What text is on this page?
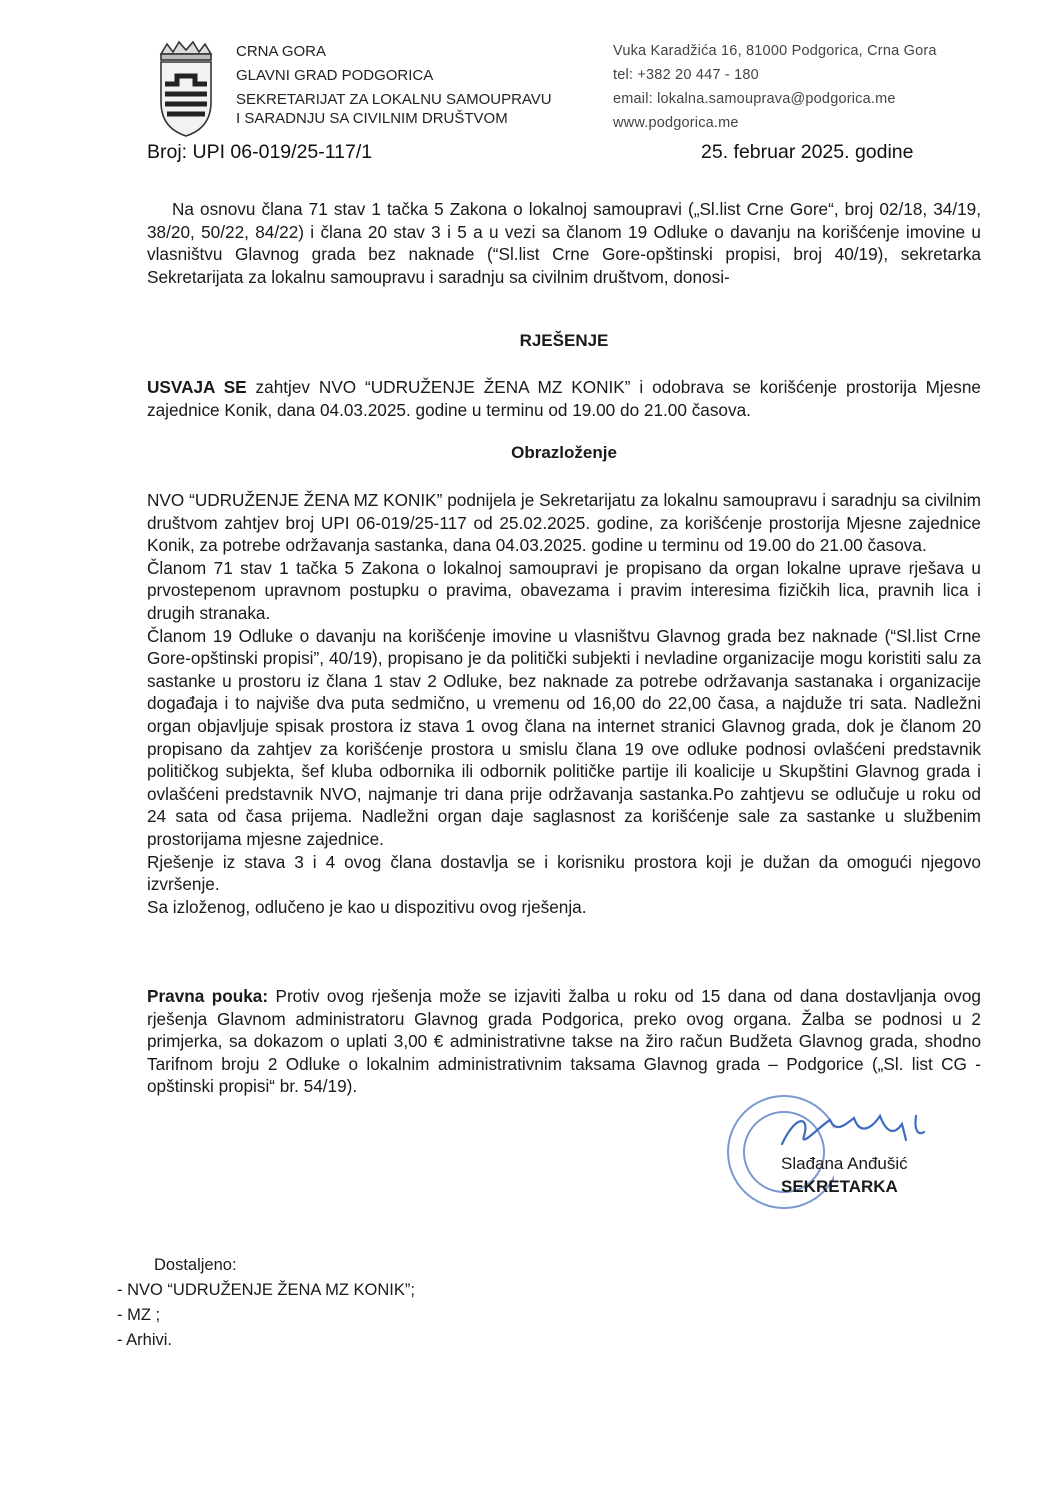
CRNA GORA
GLAVNI GRAD PODGORICA
SEKRETARIJAT ZA LOKALNU SAMOUPRAVU
I SARADNJU SA CIVILNIM DRUŠTVOM
Vuka Karadžića 16, 81000 Podgorica, Crna Gora
tel: +382 20 447 - 180
email: lokalna.samouprava@podgorica.me
www.podgorica.me
Broj: UPI 06-019/25-117/1	25. februar 2025. godine
Na osnovu člana 71 stav 1 tačka 5 Zakona o lokalnoj samoupravi („Sl.list Crne Gore“, broj 02/18, 34/19, 38/20, 50/22, 84/22) i člana 20 stav 3 i 5 a u vezi sa članom 19 Odluke o davanju na korišćenje imovine u vlasništvu Glavnog grada bez naknade (“Sl.list Crne Gore-opštinski propisi, broj 40/19), sekretarka Sekretarijata za lokalnu samoupravu i saradnju sa civilnim društvom, donosi-
RJEŠENJE
USVAJA SE zahtjev NVO “UDRUŽENJE ŽENA MZ KONIK” i odobrava se korišćenje prostorija Mjesne zajednice Konik, dana 04.03.2025. godine u terminu od 19.00 do 21.00 časova.
Obrazloženje

NVO “UDRUŽENJE ŽENA MZ KONIK” podnijela je Sekretarijatu za lokalnu samoupravu i saradnju sa civilnim društvom zahtjev broj UPI 06-019/25-117 od 25.02.2025. godine, za korišćenje prostorija Mjesne zajednice Konik, za potrebe održavanja sastanka, dana 04.03.2025. godine u terminu od 19.00 do 21.00 časova.

Članom 71 stav 1 tačka 5 Zakona o lokalnoj samoupravi je propisano da organ lokalne uprave rješava u prvostepenom upravnom postupku o pravima, obavezama i pravim interesima fizičkih lica, pravnih lica i drugih stranaka.

Članom 19 Odluke o davanju na korišćenje imovine u vlasništvu Glavnog grada bez naknade (“Sl.list Crne Gore-opštinski propisi”, 40/19), propisano je da politički subjekti i nevladine organizacije mogu koristiti salu za sastanke u prostoru iz člana 1 stav 2 Odluke, bez naknade za potrebe održavanja sastanaka i organizacije događaja i to najviše dva puta sedmično, u vremenu od 16,00 do 22,00 časa, a najduže tri sata. Nadležni organ objavljuje spisak prostora iz stava 1 ovog člana na internet stranici Glavnog grada, dok je članom 20 propisano da zahtjev za korišćenje prostora u smislu člana 19 ove odluke podnosi ovlašćeni predstavnik političkog subjekta, šef kluba odbornika ili odbornik političke partije ili koalicije u Skupštini Glavnog grada i ovlašćeni predstavnik NVO, najmanje tri dana prije održavanja sastanka.Po zahtjevu se odlučuje u roku od 24 sata od časa prijema. Nadležni organ daje saglasnost za korišćenje sale za sastanke u službenim prostorijama mjesne zajednice.

Rješenje iz stava 3 i 4 ovog člana dostavlja se i korisniku prostora koji je dužan da omogući njegovo izvršenje.

Sa izloženog, odlučeno je kao u dispozitivu ovog rješenja.

Pravna pouka: Protiv ovog rješenja može se izjaviti žalba u roku od 15 dana od dana dostavljanja ovog rješenja Glavnom administratoru Glavnog grada Podgorica, preko ovog organa. Žalba se podnosi u 2 primjerka, sa dokazom o uplati 3,00 € administrativne takse na žiro račun Budžeta Glavnog grada, shodno Tarifnom broju 2 Odluke o lokalnim administrativnim taksama Glavnog grada – Podgorice („Sl. list CG - opštinski propisi“ br. 54/19).
Slađana Anđušić
SEKRETARKA
Dostaljeno:
- NVO “UDRUŽENJE ŽENA MZ KONIK”;
- MZ ;
- Arhivi.
